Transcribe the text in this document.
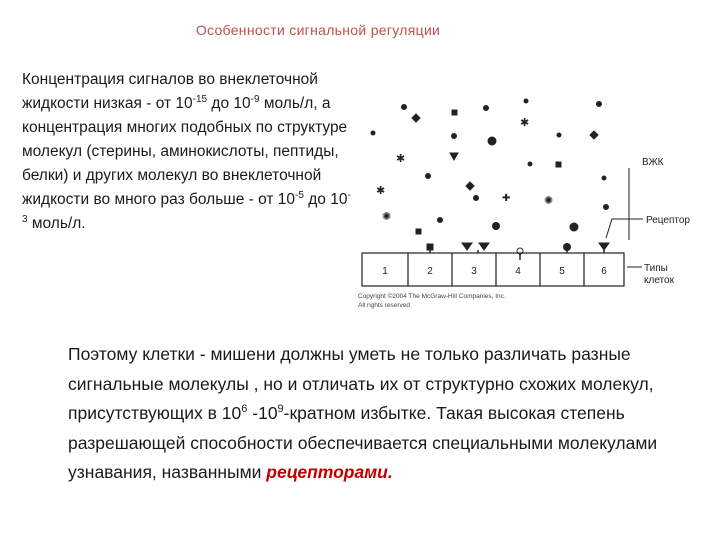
Особенности сигнальной регуляции
Концентрация сигналов во внеклеточной жидкости низкая - от $10^{-15}$ до $10^{-9}$ моль/л, а концентрация многих подобных по структуре молекул (стерины, аминокислоты, пептиды, белки) и других молекул во внеклеточной жидкости во много раз больше - от $10^{-5}$ до $10^{-3}$ моль/л.
✱
✱
✱
✚	✺
✺
1	2	3	4	5	6
ВЖК
Рецептор
Типы
клеток
Copyright ©2004 The McGraw-Hill Companies, Inc.
All rights reserved
Поэтому клетки - мишени должны уметь не только различать разные сигнальные молекулы , но и отличать их от структурно схожих молекул, присутствующих в $10^6$ $-10^9$-кратном избытке. Такая высокая степень разрешающей способности обеспечивается специальными молекулами узнавания, названными рецепторами.
